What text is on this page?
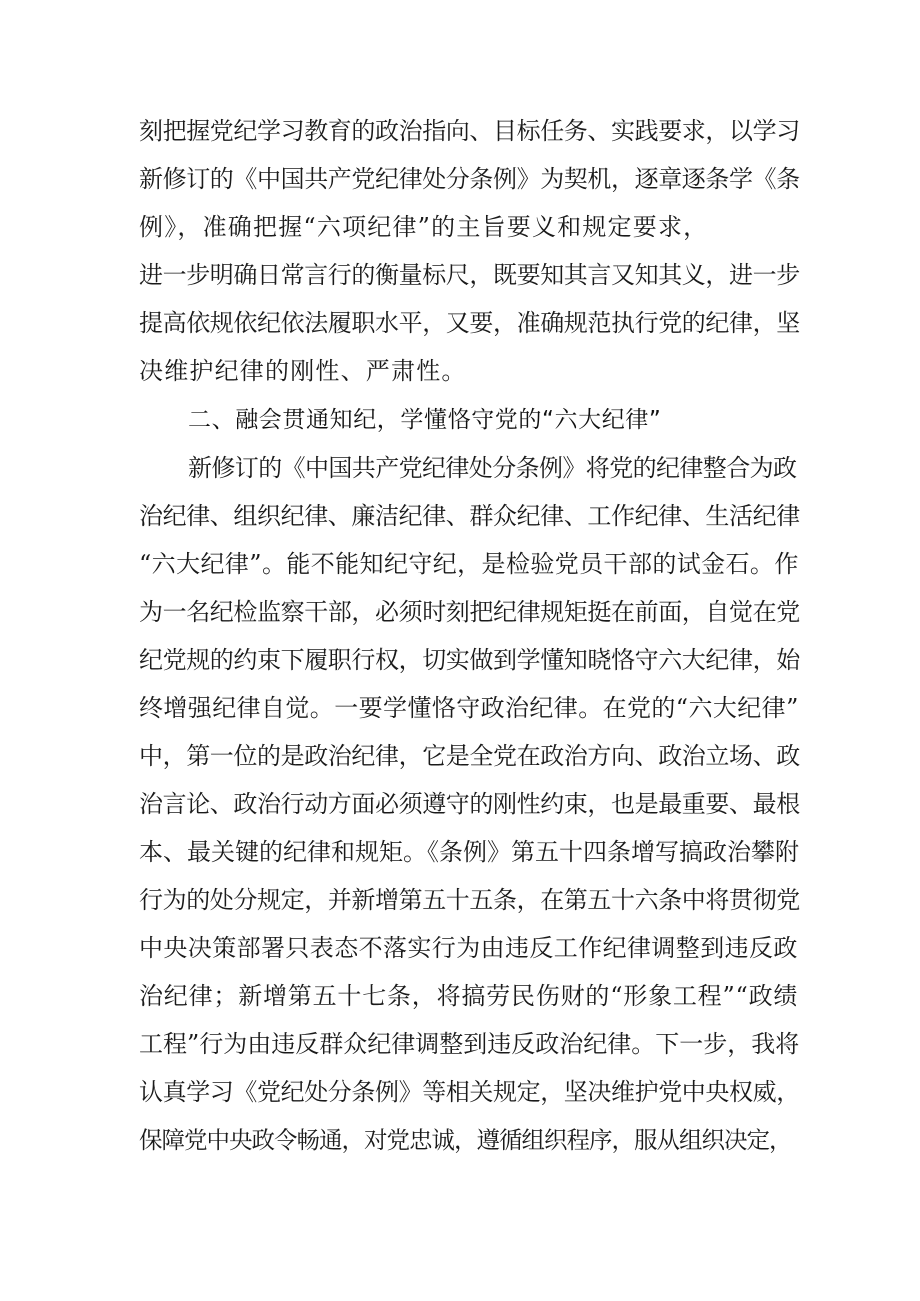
刻把握党纪学习教育的政治指向、目标任务、实践要求，以学习
新修订的《中国共产党纪律处分条例》为契机，逐章逐条学《条
例》，准确把握“六项纪律”的主旨要义和规定要求，
进一步明确日常言行的衡量标尺，既要知其言又知其义，进一步
提高依规依纪依法履职水平，又要，准确规范执行党的纪律，坚
决维护纪律的刚性、严肃性。
二、融会贯通知纪，学懂恪守党的“六大纪律”
新修订的《中国共产党纪律处分条例》将党的纪律整合为政
治纪律、组织纪律、廉洁纪律、群众纪律、工作纪律、生活纪律
“六大纪律”。能不能知纪守纪，是检验党员干部的试金石。作
为一名纪检监察干部，必须时刻把纪律规矩挺在前面，自觉在党
纪党规的约束下履职行权，切实做到学懂知晓恪守六大纪律，始
终增强纪律自觉。一要学懂恪守政治纪律。在党的“六大纪律”
中，第一位的是政治纪律，它是全党在政治方向、政治立场、政
治言论、政治行动方面必须遵守的刚性约束，也是最重要、最根
本、最关键的纪律和规矩。《条例》第五十四条增写搞政治攀附
行为的处分规定，并新增第五十五条，在第五十六条中将贯彻党
中央决策部署只表态不落实行为由违反工作纪律调整到违反政
治纪律；新增第五十七条，将搞劳民伤财的“形象工程”“政绩
工程”行为由违反群众纪律调整到违反政治纪律。下一步，我将
认真学习《党纪处分条例》等相关规定，坚决维护党中央权威，
保障党中央政令畅通，对党忠诚，遵循组织程序，服从组织决定，
